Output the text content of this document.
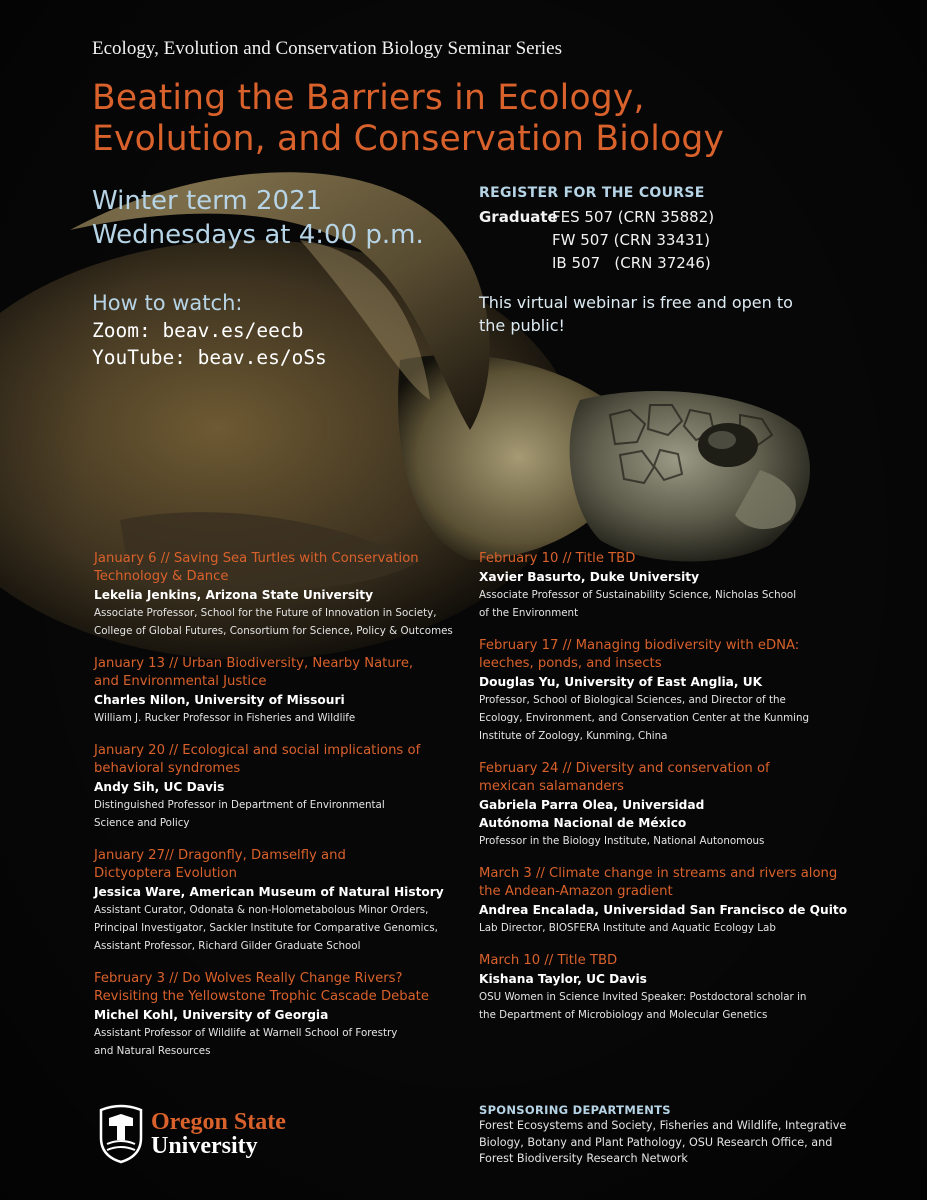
Ecology, Evolution and Conservation Biology Seminar Series
Beating the Barriers in Ecology,
Evolution, and Conservation Biology
Winter term 2021
Wednesdays at 4:00 p.m.
How to watch:
Zoom: beav.es/eecb
YouTube: beav.es/oSs
REGISTER FOR THE COURSE
Graduate
FES 507 (CRN 35882)
FW 507 (CRN 33431)
IB 507   (CRN 37246)
This virtual webinar is free and open to the public!
January 6 // Saving Sea Turtles with Conservation Technology & Dance
Lekelia Jenkins, Arizona State University
Associate Professor, School for the Future of Innovation in Society, College of Global Futures, Consortium for Science, Policy & Outcomes
January 13 // Urban Biodiversity, Nearby Nature, and Environmental Justice
Charles Nilon, University of Missouri
William J. Rucker Professor in Fisheries and Wildlife
January 20 // Ecological and social implications of behavioral syndromes
Andy Sih, UC Davis
Distinguished Professor in Department of Environmental Science and Policy
January 27// Dragonfly, Damselfly and Dictyoptera Evolution
Jessica Ware, American Museum of Natural History
Assistant Curator, Odonata & non-Holometabolous Minor Orders, Principal Investigator, Sackler Institute for Comparative Genomics, Assistant Professor, Richard Gilder Graduate School
February 3 // Do Wolves Really Change Rivers? Revisiting the Yellowstone Trophic Cascade Debate
Michel Kohl, University of Georgia
Assistant Professor of Wildlife at Warnell School of Forestry and Natural Resources
February 10 // Title TBD
Xavier Basurto, Duke University
Associate Professor of Sustainability Science, Nicholas School of the Environment
February 17 // Managing biodiversity with eDNA: leeches, ponds, and insects
Douglas Yu, University of East Anglia, UK
Professor, School of Biological Sciences, and Director of the Ecology, Environment, and Conservation Center at the Kunming Institute of Zoology, Kunming, China
February 24 // Diversity and conservation of mexican salamanders
Gabriela Parra Olea, Universidad Autónoma Nacional de México
Professor in the Biology Institute, National Autonomous
March 3 // Climate change in streams and rivers along the Andean-Amazon gradient
Andrea Encalada, Universidad San Francisco de Quito
Lab Director, BIOSFERA Institute and Aquatic Ecology Lab
March 10 // Title TBD
Kishana Taylor, UC Davis
OSU Women in Science Invited Speaker: Postdoctoral scholar in the Department of Microbiology and Molecular Genetics
Oregon State
University
SPONSORING DEPARTMENTS
Forest Ecosystems and Society, Fisheries and Wildlife, Integrative Biology, Botany and Plant Pathology, OSU Research Office, and Forest Biodiversity Research Network
